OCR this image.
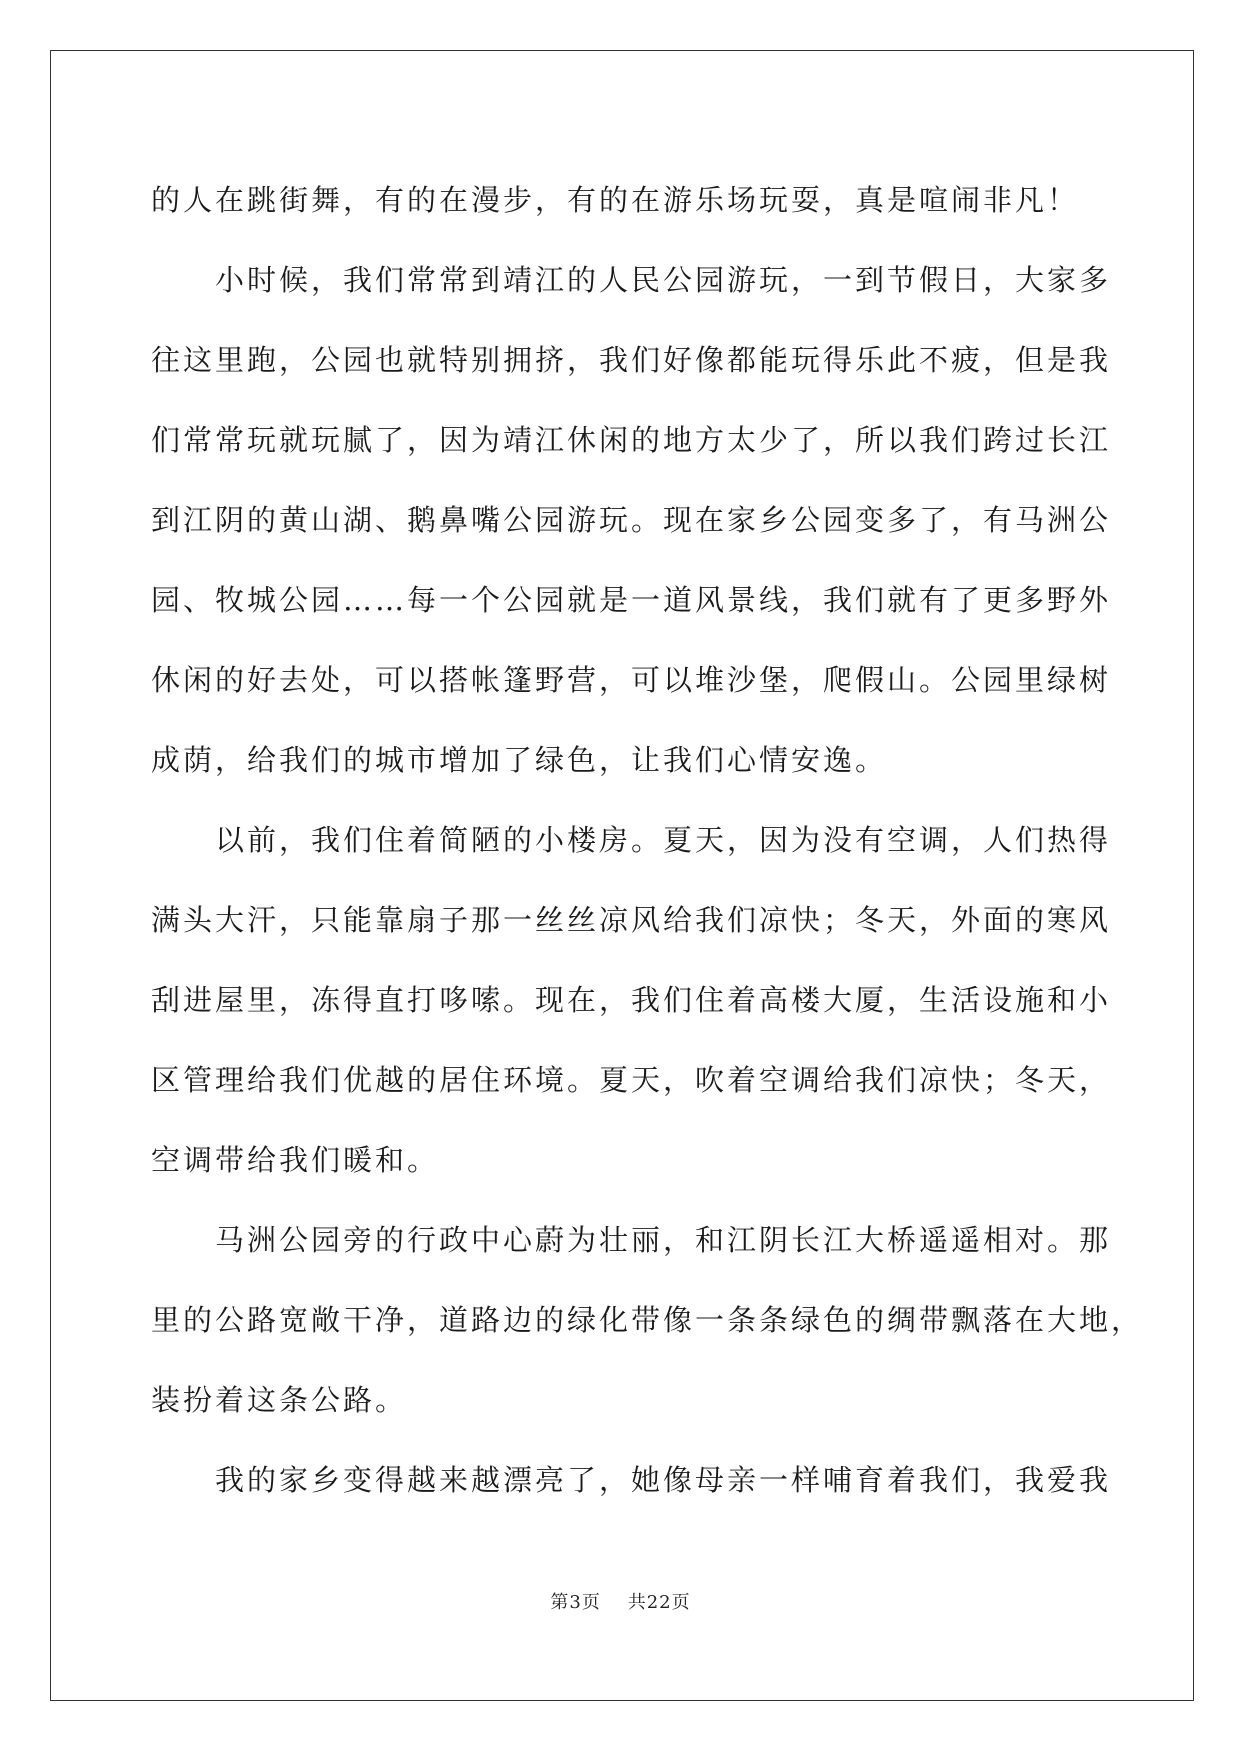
的人在跳街舞，有的在漫步，有的在游乐场玩耍，真是喧闹非凡！
小时候，我们常常到靖江的人民公园游玩，一到节假日，大家多
往这里跑，公园也就特别拥挤，我们好像都能玩得乐此不疲，但是我
们常常玩就玩腻了，因为靖江休闲的地方太少了，所以我们跨过长江
到江阴的黄山湖、鹅鼻嘴公园游玩。现在家乡公园变多了，有马洲公
园、牧城公园……每一个公园就是一道风景线，我们就有了更多野外
休闲的好去处，可以搭帐篷野营，可以堆沙堡，爬假山。公园里绿树
成荫，给我们的城市增加了绿色，让我们心情安逸。
以前，我们住着简陋的小楼房。夏天，因为没有空调，人们热得
满头大汗，只能靠扇子那一丝丝凉风给我们凉快；冬天，外面的寒风
刮进屋里，冻得直打哆嗦。现在，我们住着高楼大厦，生活设施和小
区管理给我们优越的居住环境。夏天，吹着空调给我们凉快；冬天，
空调带给我们暖和。
马洲公园旁的行政中心蔚为壮丽，和江阴长江大桥遥遥相对。那
里的公路宽敞干净，道路边的绿化带像一条条绿色的绸带飘落在大地，
装扮着这条公路。
我的家乡变得越来越漂亮了，她像母亲一样哺育着我们，我爱我
第3页 共22页
